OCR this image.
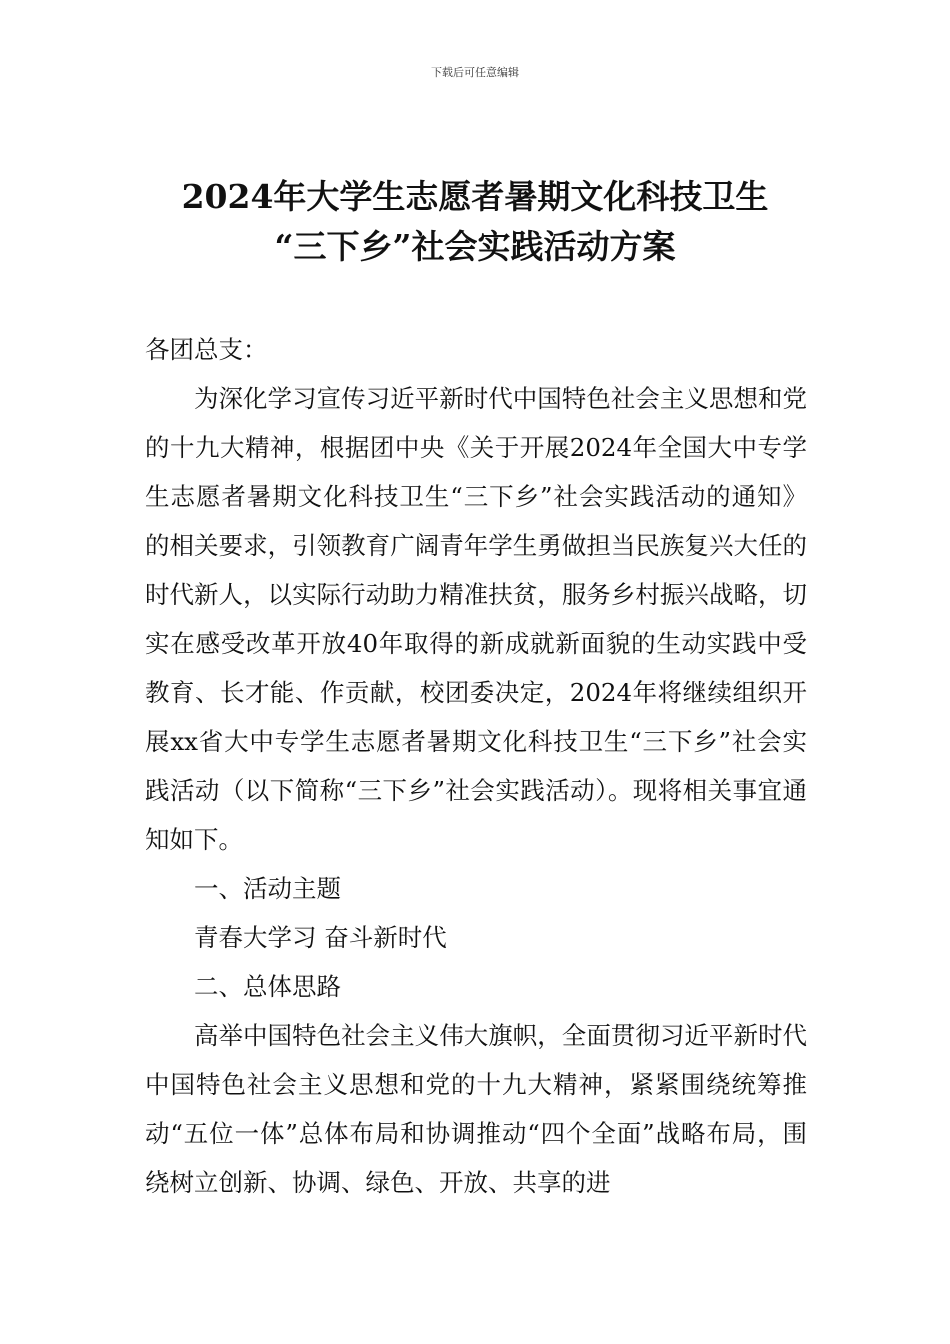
下载后可任意编辑
2024年大学生志愿者暑期文化科技卫生
“三下乡”社会实践活动方案

各团总支：

为深化学习宣传习近平新时代中国特色社会主义思想和党的十九大精神，根据团中央《关于开展2024年全国大中专学生志愿者暑期文化科技卫生“三下乡”社会实践活动的通知》的相关要求，引领教育广阔青年学生勇做担当民族复兴大任的时代新人，以实际行动助力精准扶贫，服务乡村振兴战略，切实在感受改革开放40年取得的新成就新面貌的生动实践中受教育、长才能、作贡献，校团委决定，2024年将继续组织开展xx省大中专学生志愿者暑期文化科技卫生“三下乡”社会实践活动（以下简称“三下乡”社会实践活动）。现将相关事宜通知如下。

一、活动主题

青春大学习 奋斗新时代

二、总体思路

高举中国特色社会主义伟大旗帜，全面贯彻习近平新时代中国特色社会主义思想和党的十九大精神，紧紧围绕统筹推动“五位一体”总体布局和协调推动“四个全面”战略布局，围绕树立创新、协调、绿色、开放、共享的进
